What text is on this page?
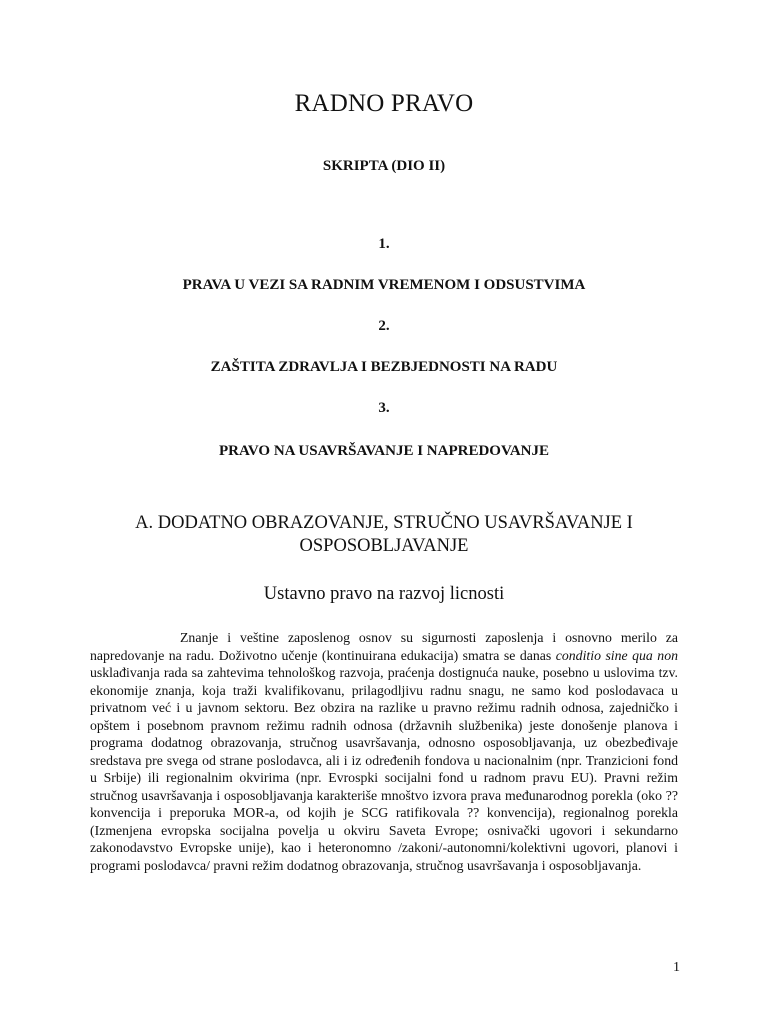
RADNO PRAVO
SKRIPTA (DIO II)
1.
PRAVA U VEZI SA RADNIM VREMENOM I ODSUSTVIMA
2.
ZAŠTITA ZDRAVLJA I BEZBJEDNOSTI NA RADU
3.
PRAVO NA USAVRŠAVANJE I NAPREDOVANJE
A. DODATNO OBRAZOVANJE, STRUČNO USAVRŠAVANJE I OSPOSOBLJAVANJE
Ustavno pravo na razvoj licnosti

Znanje i veštine zaposlenog osnov su sigurnosti zaposlenja i osnovno merilo za napredovanje na radu. Doživotno učenje (kontinuirana edukacija) smatra se danas conditio sine qua non usklađivanja rada sa zahtevima tehnološkog razvoja, praćenja dostignuća nauke, posebno u uslovima tzv. ekonomije znanja, koja traži kvalifikovanu, prilagodljivu radnu snagu, ne samo kod poslodavaca u privatnom već i u javnom sektoru. Bez obzira na razlike u pravno režimu radnih odnosa, zajedničko i opštem i posebnom pravnom režimu radnih odnosa (državnih službenika) jeste donošenje planova i programa dodatnog obrazovanja, stručnog usavršavanja, odnosno osposobljavanja, uz obezbeđivaje sredstava pre svega od strane poslodavca, ali i iz određenih fondova u nacionalnim (npr. Tranzicioni fond u Srbije) ili regionalnim okvirima (npr. Evrospki socijalni fond u radnom pravu EU). Pravni režim stručnog usavršavanja i osposobljavanja karakteriše mnoštvo izvora prava međunarodnog porekla (oko ?? konvencija i preporuka MOR-a, od kojih je SCG ratifikovala ?? konvencija), regionalnog porekla (Izmenjena evropska socijalna povelja u okviru Saveta Evrope; osnivački ugovori i sekundarno zakonodavstvo Evropske unije), kao i heteronomno /zakoni/-autonomni/kolektivni ugovori, planovi i programi poslodavca/ pravni režim dodatnog obrazovanja, stručnog usavršavanja i osposobljavanja.

1
